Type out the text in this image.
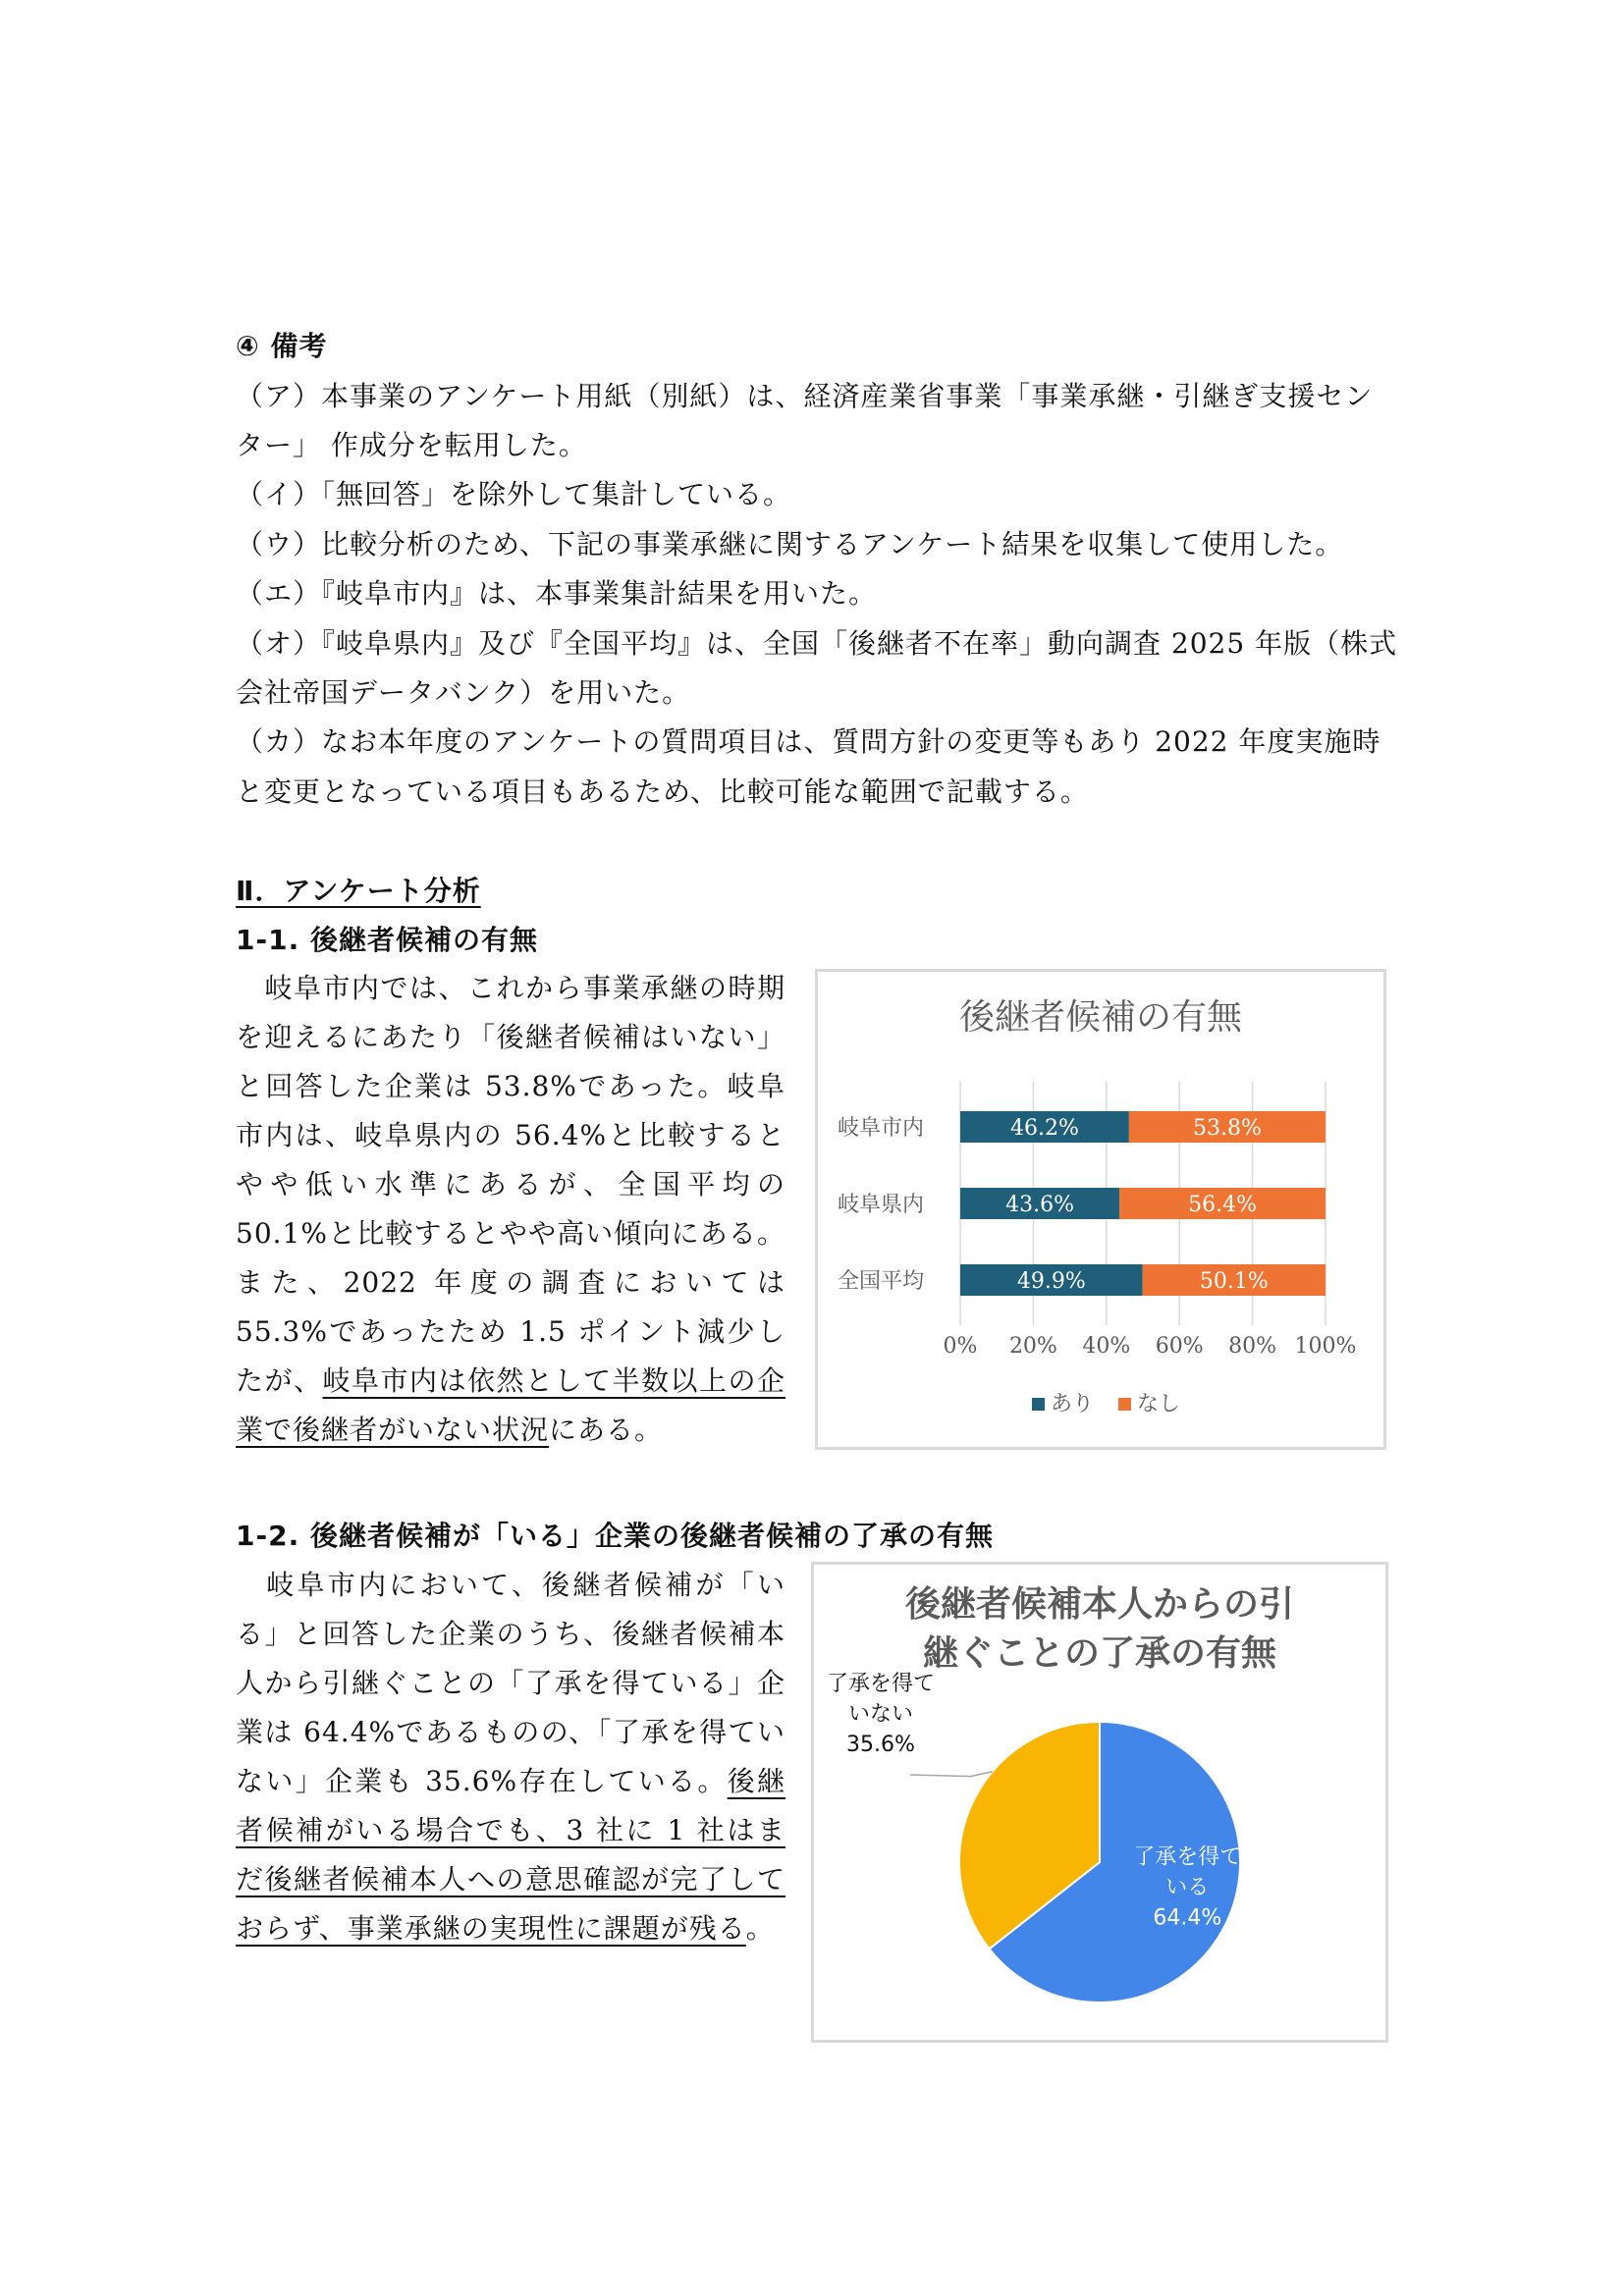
④ 備考
（ア）本事業のアンケート用紙（別紙）は、経済産業省事業「事業承継・引継ぎ支援セン
ター」 作成分を転用した。
（イ）「無回答」を除外して集計している。
（ウ）比較分析のため、下記の事業承継に関するアンケート結果を収集して使用した。
（エ）『岐阜市内』は、本事業集計結果を用いた。
（オ）『岐阜県内』及び『全国平均』は、全国「後継者不在率」動向調査 2025 年版（株式
会社帝国データバンク）を用いた。
（カ）なお本年度のアンケートの質問項目は、質問方針の変更等もあり 2022 年度実施時
と変更となっている項目もあるため、比較可能な範囲で記載する。
Ⅱ．アンケート分析
1-1. 後継者候補の有無
　岐阜市内では、これから事業承継の時期を迎えるにあたり「後継者候補はいない」と回答した企業は 53.8%であった。岐阜市内は、岐阜県内の 56.4%と比較するとやや低い水準にあるが、全国平均の 50.1%と比較するとやや高い傾向にある。また、2022 年度の調査においては 55.3%であったため 1.5 ポイント減少したが、岐阜市内は依然として半数以上の企業で後継者がいない状況にある。
後継者候補の有無
46.2%	53.8%
43.6%	56.4%
49.9%	50.1%
岐阜市内
岐阜県内
全国平均
0% 20% 40% 60% 80% 100%
あり なし
1-2. 後継者候補が「いる」企業の後継者候補の了承の有無
　岐阜市内において、後継者候補が「いる」と回答した企業のうち、後継者候補本人から引継ぐことの「了承を得ている」企業は 64.4%であるものの、「了承を得ていない」企業も 35.6%存在している。後継者候補がいる場合でも、3 社に 1 社はまだ後継者候補本人への意思確認が完了しておらず、事業承継の実現性に課題が残る。
後継者候補本人からの引
継ぐことの了承の有無
了承を得て
いる
64.4%
了承を得て
いない
35.6%
